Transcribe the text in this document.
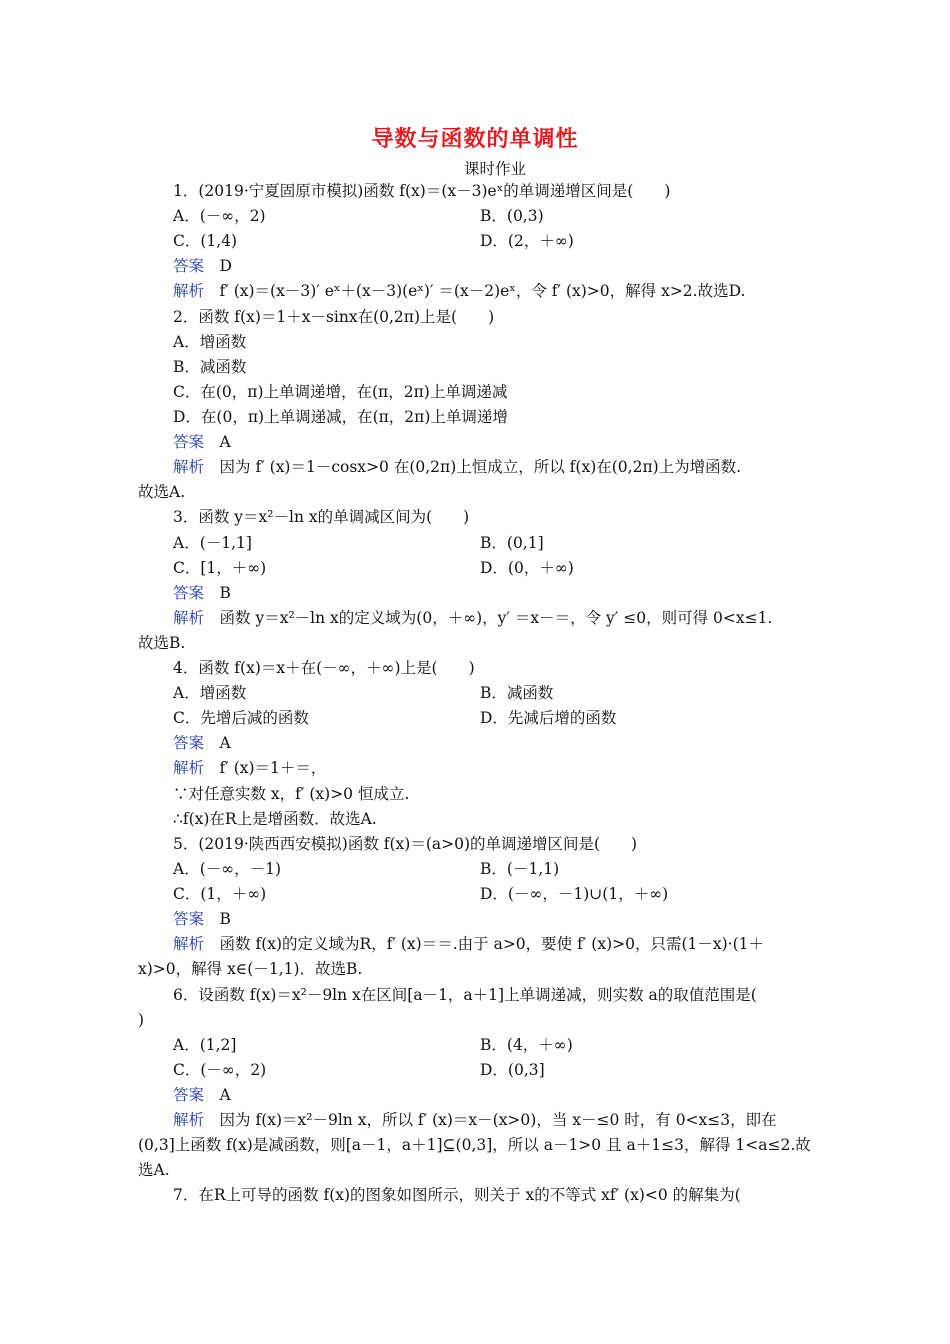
导数与函数的单调性
课时作业
1．(2019·宁夏固原市模拟)函数 f(x)＝(x－3)eˣ的单调递增区间是(　　)
A．(－∞，2)	B．(0,3)
C．(1,4)	D．(2，＋∞)
答案　 D
解析　 f′ (x)＝(x－3)′ eˣ＋(x－3)(eˣ)′ ＝(x－2)eˣ，令 f′ (x)>0，解得 x>2.故选D.
2．函数 f(x)＝1＋x－sinx在(0,2π)上是(　　)
A．增函数
B．减函数
C．在(0，π)上单调递增，在(π，2π)上单调递减
D．在(0，π)上单调递减，在(π，2π)上单调递增
答案　 A
解析　 因为 f′ (x)＝1－cosx>0 在(0,2π)上恒成立，所以 f(x)在(0,2π)上为增函数.
故选A.
3．函数 y＝x²－ln x的单调减区间为(　　)
A．(－1,1]	B．(0,1]
C．[1，＋∞)	D．(0，＋∞)
答案　 B
解析　 函数 y＝x²－ln x的定义域为(0，＋∞)，y′ ＝x－＝，令 y′ ≤0，则可得 0<x≤1.
故选B.
4．函数 f(x)＝x＋在(－∞，＋∞)上是(　　)
A．增函数	B．减函数
C．先增后减的函数	D．先减后增的函数
答案　 A
解析　 f′ (x)＝1＋＝，
∵对任意实数 x，f′ (x)>0 恒成立.
∴f(x)在R上是增函数．故选A.
5．(2019·陕西西安模拟)函数 f(x)＝(a>0)的单调递增区间是(　　)
A．(－∞，－1)	B．(－1,1)
C．(1，＋∞)	D．(－∞，－1)∪(1，＋∞)
答案　 B
解析　 函数 f(x)的定义域为R，f′ (x)＝＝.由于 a>0，要使 f′ (x)>0，只需(1－x)·(1＋
x)>0，解得 x∈(－1,1)．故选B.
6．设函数 f(x)＝x²－9ln x在区间[a－1，a＋1]上单调递减，则实数 a的取值范围是(
)
A．(1,2]	B．(4，＋∞)
C．(－∞，2)	D．(0,3]
答案　 A
解析　 因为 f(x)＝x²－9ln x，所以 f′ (x)＝x－(x>0)，当 x－≤0 时，有 0<x≤3，即在
(0,3]上函数 f(x)是减函数，则[a－1，a＋1]⊆(0,3]，所以 a－1>0 且 a＋1≤3，解得 1<a≤2.故
选A.
7．在R上可导的函数 f(x)的图象如图所示，则关于 x的不等式 xf′ (x)<0 的解集为(
